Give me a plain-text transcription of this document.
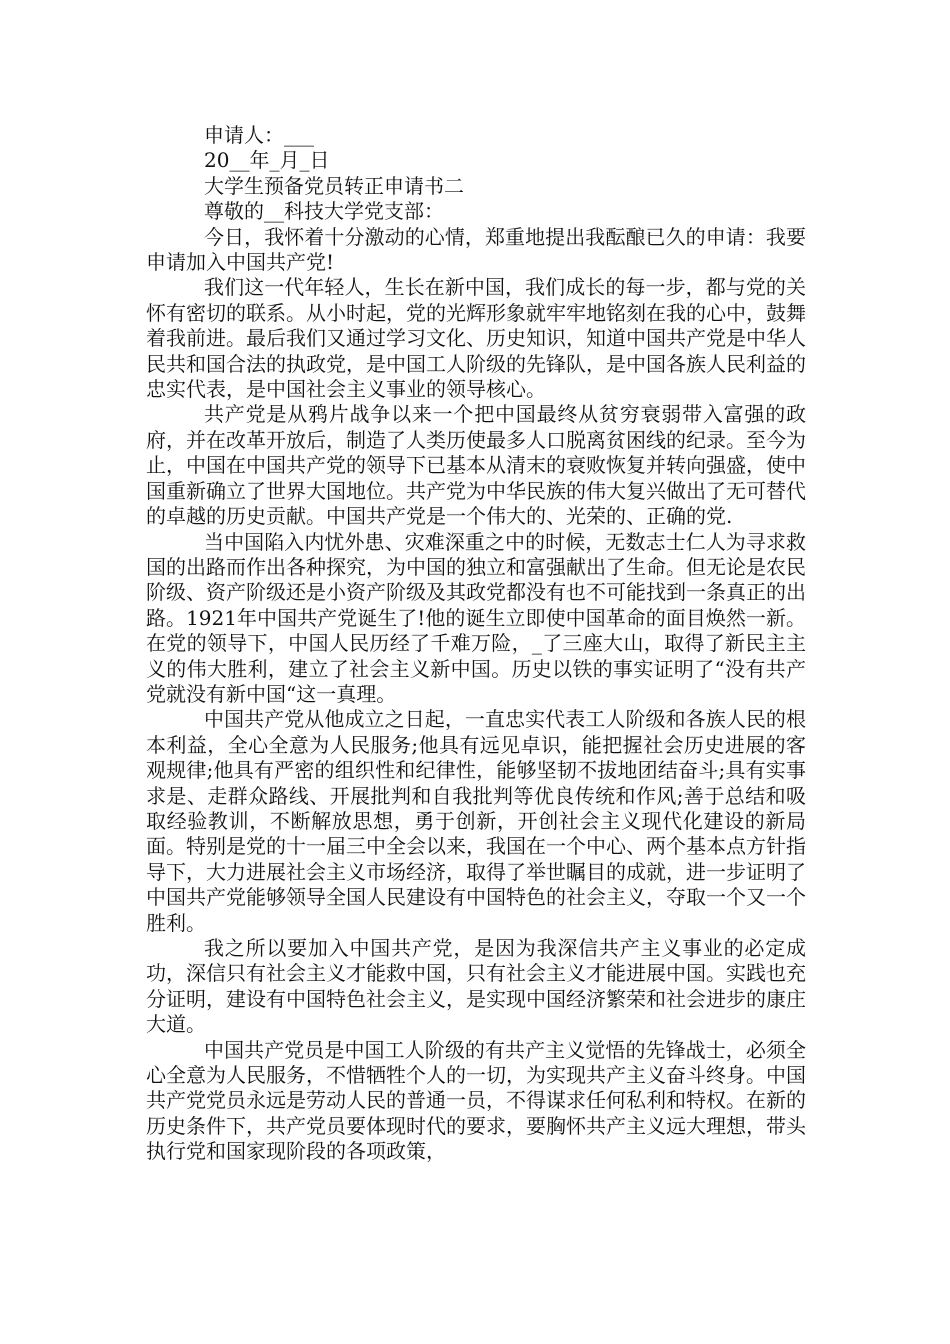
申请人：___
20__年_月_日
大学生预备党员转正申请书二
尊敬的__科技大学党支部：

今日，我怀着十分激动的心情，郑重地提出我酝酿已久的申请：我要申请加入中国共产党!

我们这一代年轻人，生长在新中国，我们成长的每一步，都与党的关怀有密切的联系。从小时起，党的光辉形象就牢牢地铭刻在我的心中，鼓舞着我前进。最后我们又通过学习文化、历史知识，知道中国共产党是中华人民共和国合法的执政党，是中国工人阶级的先锋队，是中国各族人民利益的忠实代表，是中国社会主义事业的领导核心。

共产党是从鸦片战争以来一个把中国最终从贫穷衰弱带入富强的政府，并在改革开放后，制造了人类历使最多人口脱离贫困线的纪录。至今为止，中国在中国共产党的领导下已基本从清末的衰败恢复并转向强盛，使中国重新确立了世界大国地位。共产党为中华民族的伟大复兴做出了无可替代的卓越的历史贡献。中国共产党是一个伟大的、光荣的、正确的党.

当中国陷入内忧外患、灾难深重之中的时候，无数志士仁人为寻求救国的出路而作出各种探究，为中国的独立和富强献出了生命。但无论是农民阶级、资产阶级还是小资产阶级及其政党都没有也不可能找到一条真正的出路。1921年中国共产党诞生了!他的诞生立即使中国革命的面目焕然一新。在党的领导下，中国人民历经了千难万险，_了三座大山，取得了新民主主义的伟大胜利，建立了社会主义新中国。历史以铁的事实证明了“没有共产党就没有新中国“这一真理。

中国共产党从他成立之日起，一直忠实代表工人阶级和各族人民的根本利益，全心全意为人民服务;他具有远见卓识，能把握社会历史进展的客观规律;他具有严密的组织性和纪律性，能够坚韧不拔地团结奋斗;具有实事求是、走群众路线、开展批判和自我批判等优良传统和作风;善于总结和吸取经验教训，不断解放思想，勇于创新，开创社会主义现代化建设的新局面。特别是党的十一届三中全会以来，我国在一个中心、两个基本点方针指导下，大力进展社会主义市场经济，取得了举世瞩目的成就，进一步证明了中国共产党能够领导全国人民建设有中国特色的社会主义，夺取一个又一个胜利。

我之所以要加入中国共产党，是因为我深信共产主义事业的必定成功，深信只有社会主义才能救中国，只有社会主义才能进展中国。实践也充分证明，建设有中国特色社会主义，是实现中国经济繁荣和社会进步的康庄大道。

中国共产党员是中国工人阶级的有共产主义觉悟的先锋战士，必须全心全意为人民服务，不惜牺牲个人的一切，为实现共产主义奋斗终身。中国共产党党员永远是劳动人民的普通一员，不得谋求任何私利和特权。在新的历史条件下，共产党员要体现时代的要求，要胸怀共产主义远大理想，带头执行党和国家现阶段的各项政策，
